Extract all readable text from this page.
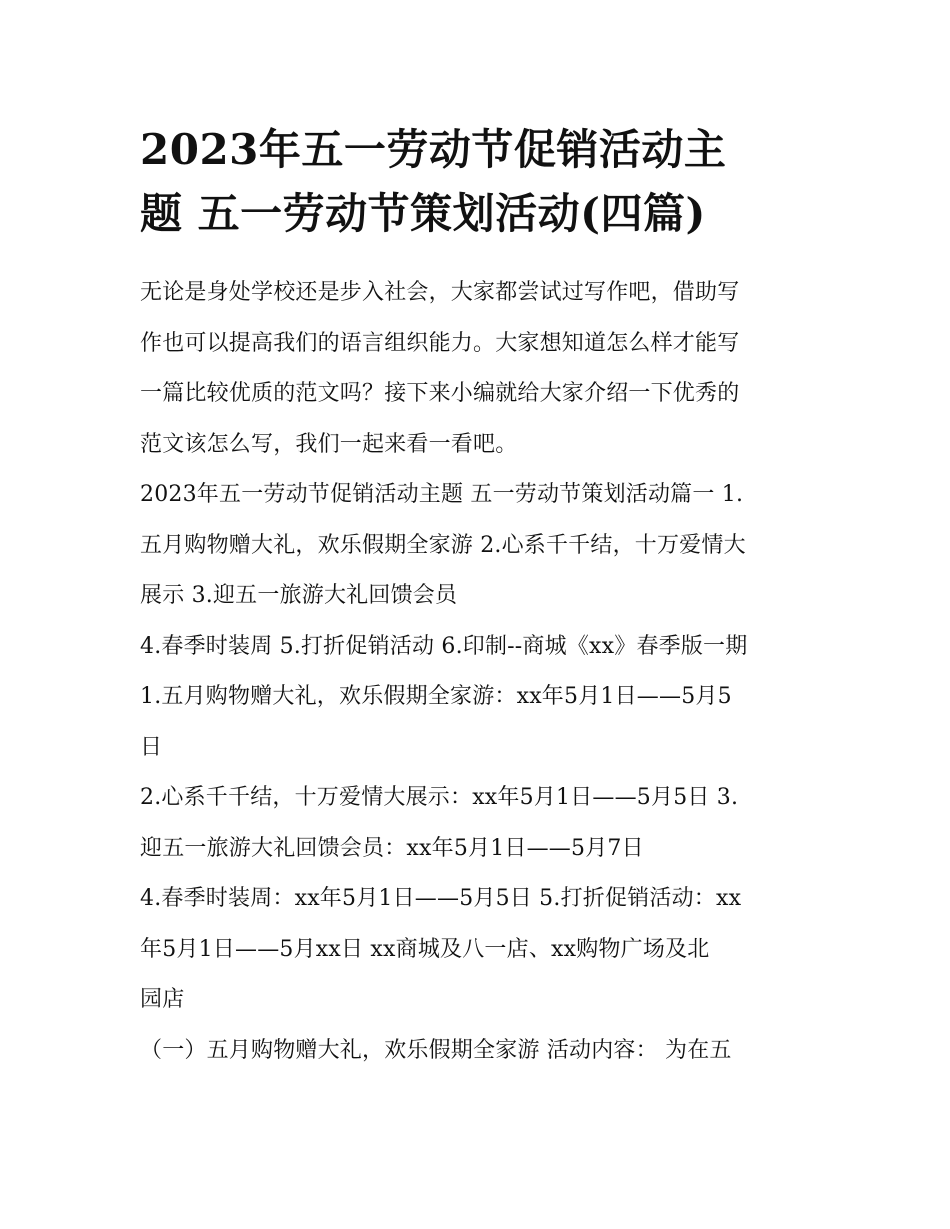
2023年五一劳动节促销活动主
题 五一劳动节策划活动(四篇)

无论是身处学校还是步入社会，大家都尝试过写作吧，借助写
作也可以提高我们的语言组织能力。大家想知道怎么样才能写
一篇比较优质的范文吗？接下来小编就给大家介绍一下优秀的
范文该怎么写，我们一起来看一看吧。

2023年五一劳动节促销活动主题 五一劳动节策划活动篇一 1.
五月购物赠大礼，欢乐假期全家游 2.心系千千结，十万爱情大
展示 3.迎五一旅游大礼回馈会员

4.春季时装周 5.打折促销活动 6.印制--商城《xx》春季版一期

1.五月购物赠大礼，欢乐假期全家游：xx年5月1日——5月5
日

2.心系千千结，十万爱情大展示：xx年5月1日——5月5日 3.
迎五一旅游大礼回馈会员：xx年5月1日——5月7日

4.春季时装周：xx年5月1日——5月5日 5.打折促销活动：xx
年5月1日——5月xx日 xx商城及八一店、xx购物广场及北
园店

（一）五月购物赠大礼，欢乐假期全家游 活动内容： 为在五
